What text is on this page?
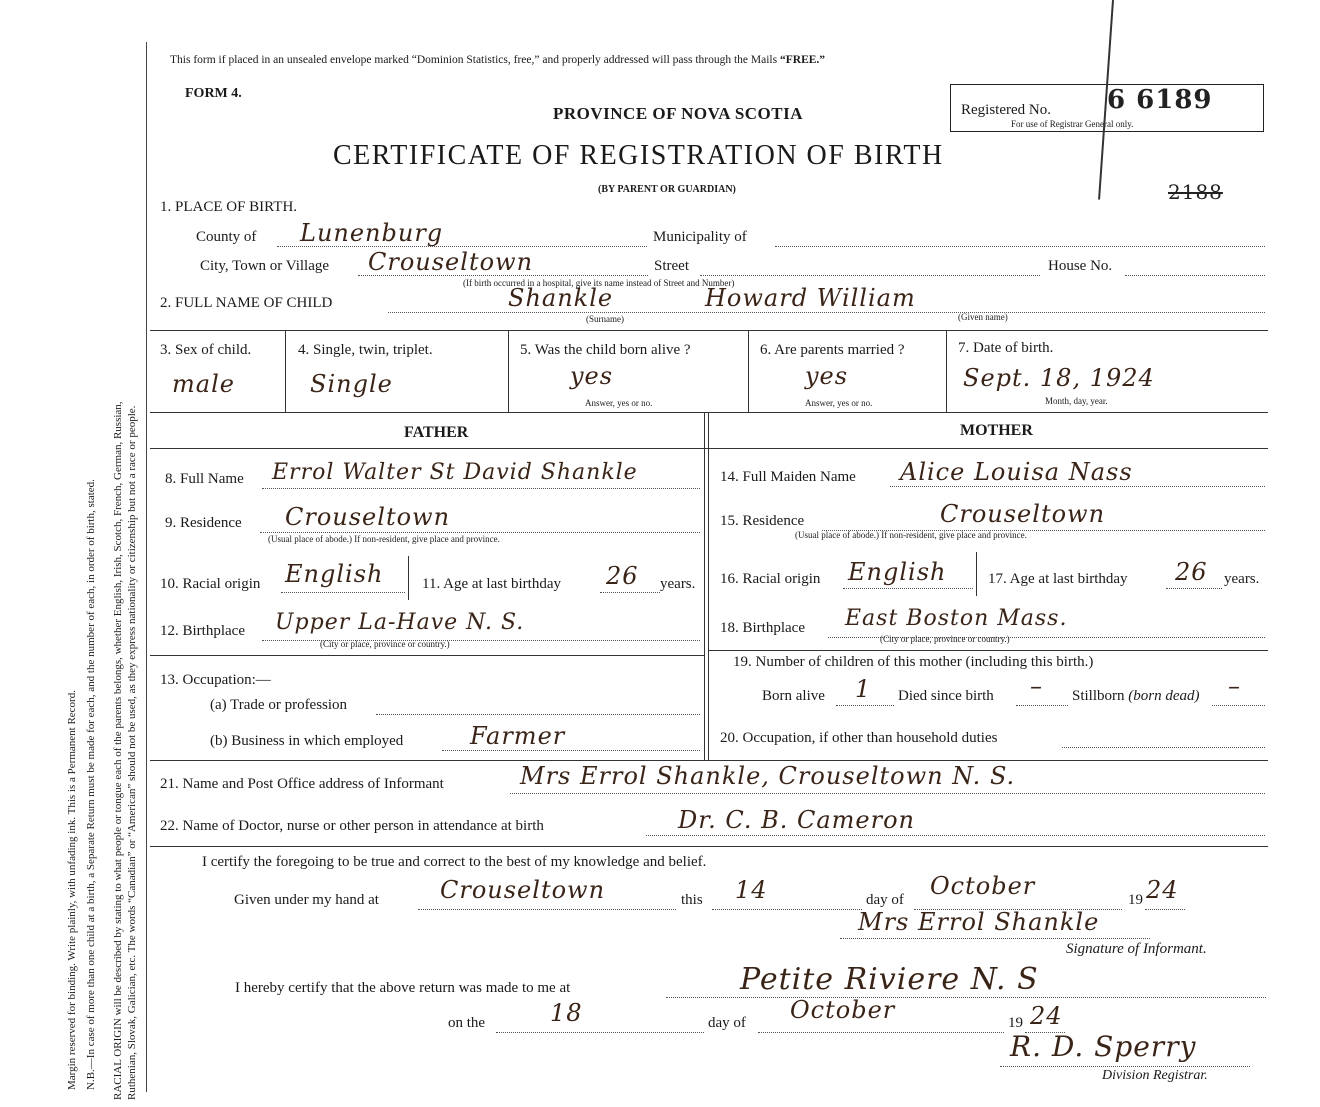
Margin reserved for binding. Write plainly, with unfading ink. This is a Permanent Record. N.B.—In case of more than one child at a birth, a Separate Return must be made for each, and the number of each, in order of birth, stated. RACIAL ORIGIN will be described by stating to what people or tongue each of the parents belongs, whether English, Irish, Scotch, French, German, Russian, Ruthenian, Slovak, Galician, etc. The words “Canadian” or “American” should not be used, as they express nationality or citizenship but not a race or people.
This form if placed in an unsealed envelope marked “Dominion Statistics, free,” and properly addressed will pass through the Mails “FREE.”
FORM 4.
PROVINCE OF NOVA SCOTIA
CERTIFICATE OF REGISTRATION OF BIRTH
(BY PARENT OR GUARDIAN)
Registered No. 6 6189
For use of Registrar General only.
2188
1. PLACE OF BIRTH.
County of Lunenburg	Municipality of
City, Town or Village Crouseltown	Street	House No.
(If birth occurred in a hospital, give its name instead of Street and Number)
2. FULL NAME OF CHILD	Shankle	Howard William
(Surname)	(Given name)
3. Sex of child.
male
4. Single, twin, triplet.
Single
5. Was the child born alive ?
yes
Answer, yes or no.
6. Are parents married ?
yes
Answer, yes or no.
7. Date of birth.
Sept. 18, 1924
Month, day, year.
FATHER	MOTHER
8. Full Name Errol Walter St David Shankle
9. Residence Crouseltown
(Usual place of abode.) If non-resident, give place and province.
10. Racial origin English	11. Age at last birthday 26 years.
12. Birthplace Upper La-Have N. S.
(City or place, province or country.)
13. Occupation:—
(a) Trade or profession
(b) Business in which employed	Farmer
14. Full Maiden Name Alice Louisa Nass
15. Residence	Crouseltown
(Usual place of abode.) If non-resident, give place and province.
16. Racial origin English	17. Age at last birthday 26 years.
18. Birthplace East Boston Mass.
(City or place, province or country.)
19. Number of children of this mother (including this birth.)
Born alive 1 Died since birth – Stillborn (born dead) –
20. Occupation, if other than household duties
21. Name and Post Office address of Informant	Mrs Errol Shankle, Crouseltown N. S.
22. Name of Doctor, nurse or other person in attendance at birth	Dr. C. B. Cameron
I certify the foregoing to be true and correct to the best of my knowledge and belief.
Given under my hand at	Crouseltown	this 14	day of October	19 24
Mrs Errol Shankle
Signature of Informant.
I hereby certify that the above return was made to me at	Petite Riviere N. S
on the	18	day of October	19 24
R. D. Sperry
Division Registrar.
